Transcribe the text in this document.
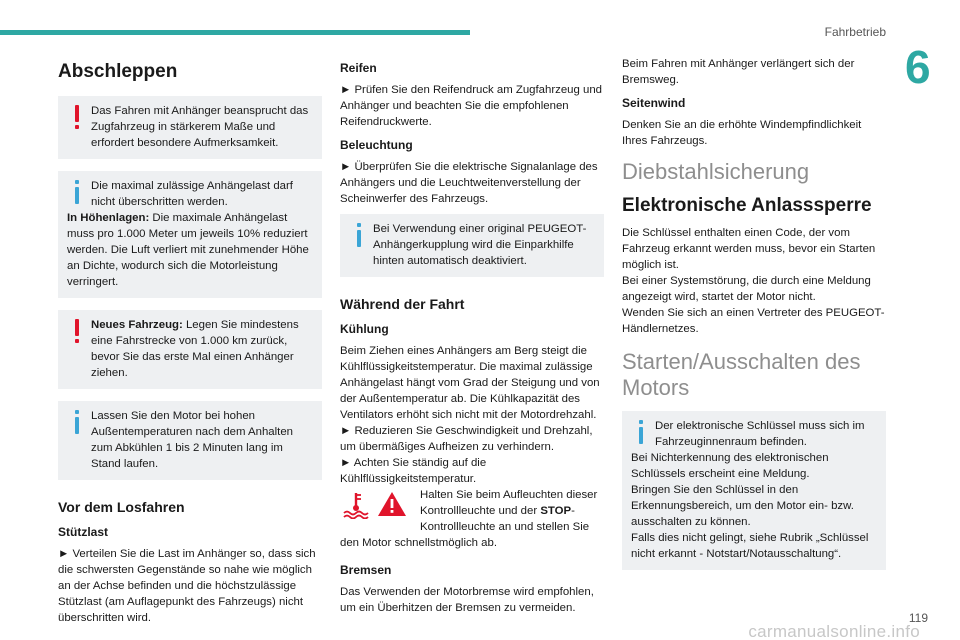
Fahrbetrieb
6
Abschleppen

Das Fahren mit Anhänger beansprucht das Zugfahrzeug in stärkerem Maße und erfordert besondere Aufmerksamkeit.

Die maximal zulässige Anhängelast darf nicht überschritten werden.

In Höhenlagen: Die maximale Anhängelast muss pro 1.000 Meter um jeweils 10% reduziert werden. Die Luft verliert mit zunehmender Höhe an Dichte, wodurch sich die Motorleistung verringert.

Neues Fahrzeug: Legen Sie mindestens eine Fahrstrecke von 1.000 km zurück, bevor Sie das erste Mal einen Anhänger ziehen.

Lassen Sie den Motor bei hohen Außentemperaturen nach dem Anhalten zum Abkühlen 1 bis 2 Minuten lang im Stand laufen.

Vor dem Losfahren
Stützlast

► Verteilen Sie die Last im Anhänger so, dass sich die schwersten Gegenstände so nahe wie möglich an der Achse befinden und die höchstzulässige Stützlast (am Auflagepunkt des Fahrzeugs) nicht überschritten wird.

Reifen

► Prüfen Sie den Reifendruck am Zugfahrzeug und Anhänger und beachten Sie die empfohlenen Reifendruckwerte.

Beleuchtung

► Überprüfen Sie die elektrische Signalanlage des Anhängers und die Leuchtweitenverstellung der Scheinwerfer des Fahrzeugs.

Bei Verwendung einer original PEUGEOT-Anhängerkupplung wird die Einparkhilfe hinten automatisch deaktiviert.

Während der Fahrt
Kühlung

Beim Ziehen eines Anhängers am Berg steigt die Kühlflüssigkeitstemperatur. Die maximal zulässige Anhängelast hängt vom Grad der Steigung und von der Außentemperatur ab. Die Kühlkapazität des Ventilators erhöht sich nicht mit der Motordrehzahl.

► Reduzieren Sie Geschwindigkeit und Drehzahl, um übermäßiges Aufheizen zu verhindern.

► Achten Sie ständig auf die Kühlflüssigkeitstemperatur.

Halten Sie beim Aufleuchten dieser Kontrollleuchte und der STOP-Kontrollleuchte an und stellen Sie den Motor schnellstmöglich ab.

Bremsen

Das Verwenden der Motorbremse wird empfohlen, um ein Überhitzen der Bremsen zu vermeiden.

Beim Fahren mit Anhänger verlängert sich der Bremsweg.

Seitenwind

Denken Sie an die erhöhte Windempfindlichkeit Ihres Fahrzeugs.

Diebstahlsicherung
Elektronische Anlasssperre

Die Schlüssel enthalten einen Code, der vom Fahrzeug erkannt werden muss, bevor ein Starten möglich ist.
Bei einer Systemstörung, die durch eine Meldung angezeigt wird, startet der Motor nicht.
Wenden Sie sich an einen Vertreter des PEUGEOT-Händlernetzes.

Starten/Ausschalten des Motors

Der elektronische Schlüssel muss sich im Fahrzeuginnenraum befinden.

Bei Nichterkennung des elektronischen Schlüssels erscheint eine Meldung.
Bringen Sie den Schlüssel in den Erkennungsbereich, um den Motor ein- bzw. ausschalten zu können.
Falls dies nicht gelingt, siehe Rubrik „Schlüssel nicht erkannt - Notstart/Notausschaltung“.

carmanualsonline.info
119
